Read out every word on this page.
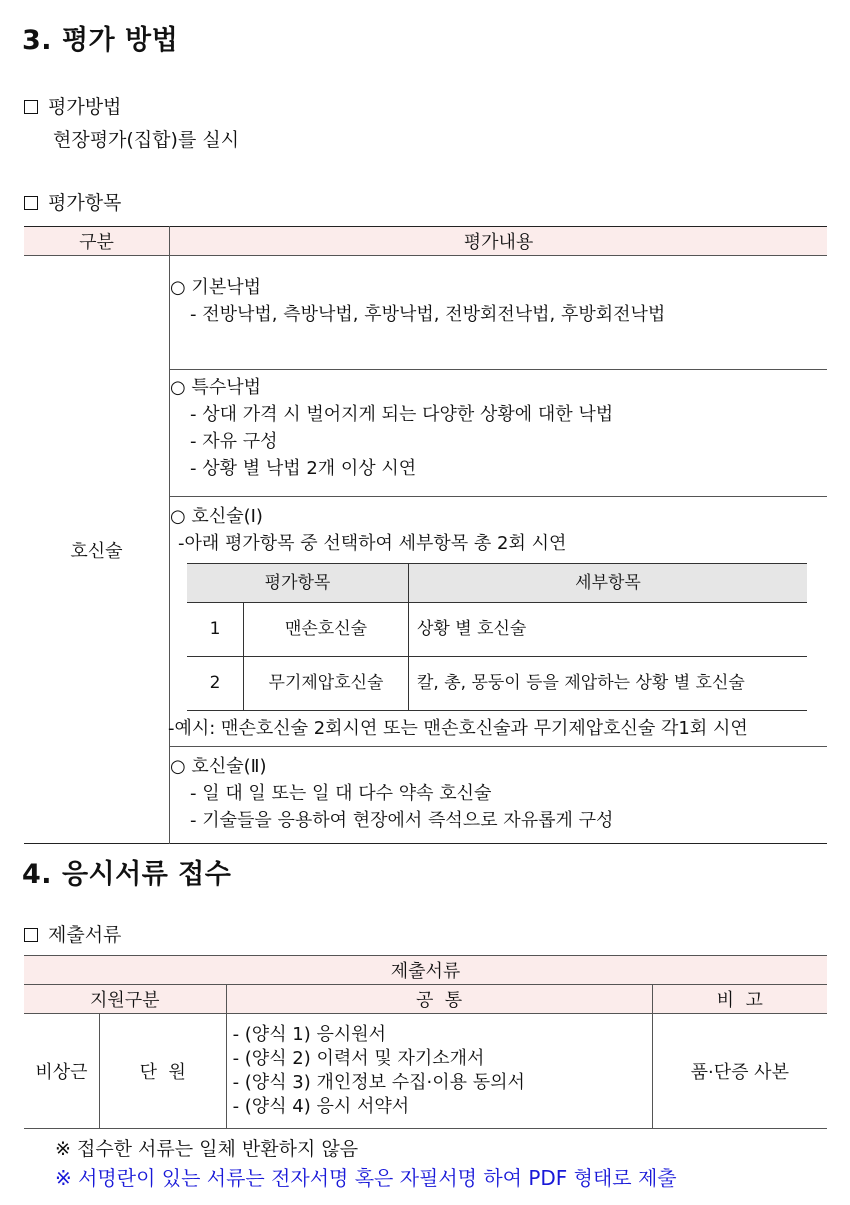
3. 평가 방법
평가방법
현장평가(집합)를 실시
평가항목
구분	평가내용
호신술	
○ 기본낙법
- 전방낙법, 측방낙법, 후방낙법, 전방회전낙법, 후방회전낙법

○ 특수낙법
- 상대 가격 시 벌어지게 되는 다양한 상황에 대한 낙법
- 자유 구성
- 상황 별 낙법 2개 이상 시연

○ 호신술(Ⅰ)
-아래 평가항목 중 선택하여 세부항목 총 2회 시연
평가항목	세부항목
1	맨손호신술	상황 별 호신술
2	무기제압호신술	칼, 총, 몽둥이 등을 제압하는 상황 별 호신술
-예시: 맨손호신술 2회시연 또는 맨손호신술과 무기제압호신술 각1회 시연

○ 호신술(Ⅱ)
- 일 대 일 또는 일 대 다수 약속 호신술
- 기술들을 응용하여 현장에서 즉석으로 자유롭게 구성
4. 응시서류 접수
제출서류
제출서류			
지원구분		공  통	비  고
비상근	단  원	- (양식 1) 응시원서
- (양식 2) 이력서 및 자기소개서
- (양식 3) 개인정보 수집·이용 동의서
- (양식 4) 응시 서약서	품·단증 사본
※ 접수한 서류는 일체 반환하지 않음
※ 서명란이 있는 서류는 전자서명 혹은 자필서명 하여 PDF 형태로 제출
